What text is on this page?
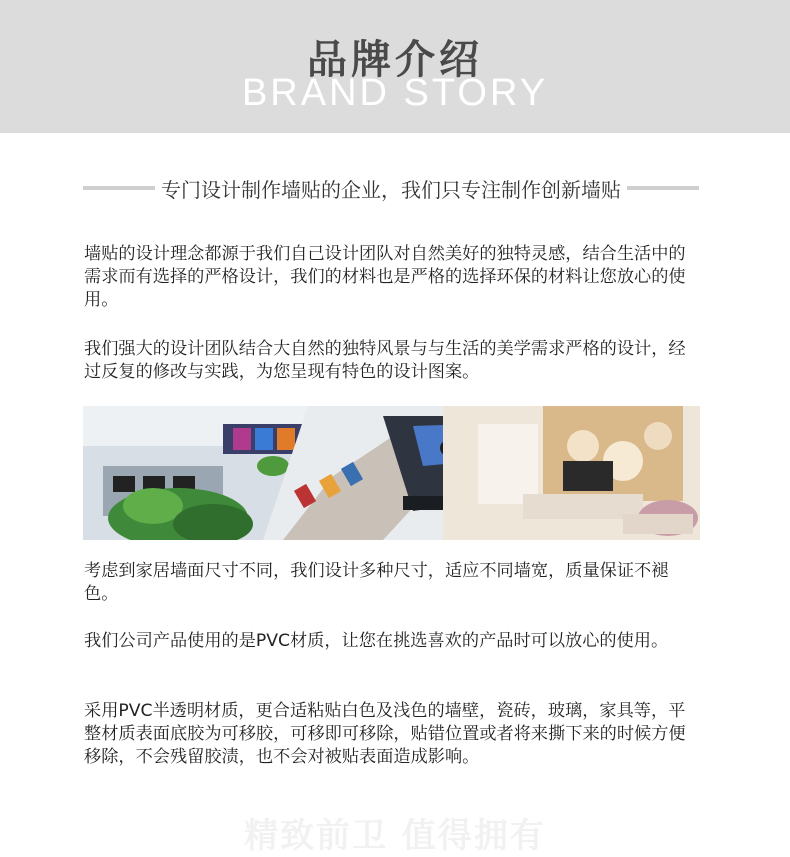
品牌介绍
BRAND STORY
专门设计制作墙贴的企业，我们只专注制作创新墙贴
墙贴的设计理念都源于我们自己设计团队对自然美好的独特灵感，结合生活中的需求而有选择的严格设计，我们的材料也是严格的选择环保的材料让您放心的使用。
我们强大的设计团队结合大自然的独特风景与与生活的美学需求严格的设计，经过反复的修改与实践，为您呈现有特色的设计图案。
考虑到家居墙面尺寸不同，我们设计多种尺寸，适应不同墙宽，质量保证不褪色。
我们公司产品使用的是PVC材质，让您在挑选喜欢的产品时可以放心的使用。
采用PVC半透明材质，更合适粘贴白色及浅色的墙壁，瓷砖，玻璃，家具等，平整材质表面底胶为可移胶，可移即可移除，贴错位置或者将来撕下来的时候方便移除，不会残留胶渍，也不会对被贴表面造成影响。
精致前卫 值得拥有
